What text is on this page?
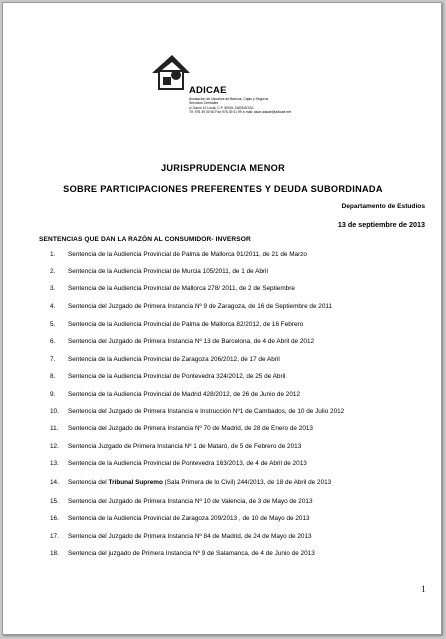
ADICAE
Asociación de Usuarios de Bancos, Cajas y Seguros
Servicios Centrales
c/ Gavín 12 Local, C.P. 50001 ZARAGOZA
Tlf. 976 39 00 60 Fax 976 39 01 99 e-mail: aicar.adicae@adicae.net
JURISPRUDENCIA MENOR
SOBRE PARTICIPACIONES PREFERENTES Y DEUDA SUBORDINADA
Departamento de Estudios
13 de septiembre de 2013
SENTENCIAS QUE DAN LA RAZÓN AL CONSUMIDOR- INVERSOR
1. Sentencia de la Audiencia Provincial de Palma de Mallorca 91/2011, de 21 de Marzo
2. Sentencia de la Audiencia Provincial de Murcia 105/2011, de 1 de Abril
3. Sentencia de la Audiencia Provincial de Mallorca 278/ 2011, de 2 de Septiembre
4. Sentencia del Juzgado de Primera Instancia Nº 9 de Zaragoza, de 16 de Septiembre de 2011
5. Sentencia de la Audiencia Provincial de Palma de Mallorca 82/2012, de 16 Febrero
6. Sentencia del Juzgado de Primera Instancia Nº 13 de Barcelona, de 4 de Abril de 2012
7. Sentencia de la Audiencia Provincial de Zaragoza 206/2012, de 17 de Abril
8. Sentencia de la Audiencia Provincial de Pontevedra 324/2012, de 25 de Abril
9. Sentencia de la Audiencia Provincial de Madrid 428/2012, de 26 de Junio de 2012
10. Sentencia del Juzgado de Primera Instancia e Instrucción Nº1 de Cambados, de 10 de Julio 2012
11. Sentencia del Juzgado de Primera Instancia Nº 70 de Madrid, de 28 de Enero de 2013
12. Sentencia Juzgado de Primera Instancia Nº 1 de Mataró, de 5 de Febrero de 2013
13. Sentencia de la Audiencia Provincial de Pontevedra 163/2013, de 4 de Abril de 2013
14. Sentencia del Tribunal Supremo (Sala Primera de lo Civil) 244/2013, de 18 de Abril de 2013
15. Sentencia del Juzgado de Primera Instancia Nº 10 de Valencia, de 3 de Mayo de 2013
16. Sentencia de la Audiencia Provincial de Zaragoza 209/2013 , de 10 de Mayo de 2013
17. Sentencia del Juzgado de Primera Instancia Nº 84 de Madrid, de 24 de Mayo de 2013
18. Sentencia del juzgado de Primera Instancia Nº 9 de Salamanca, de 4 de Junio de 2013
1
